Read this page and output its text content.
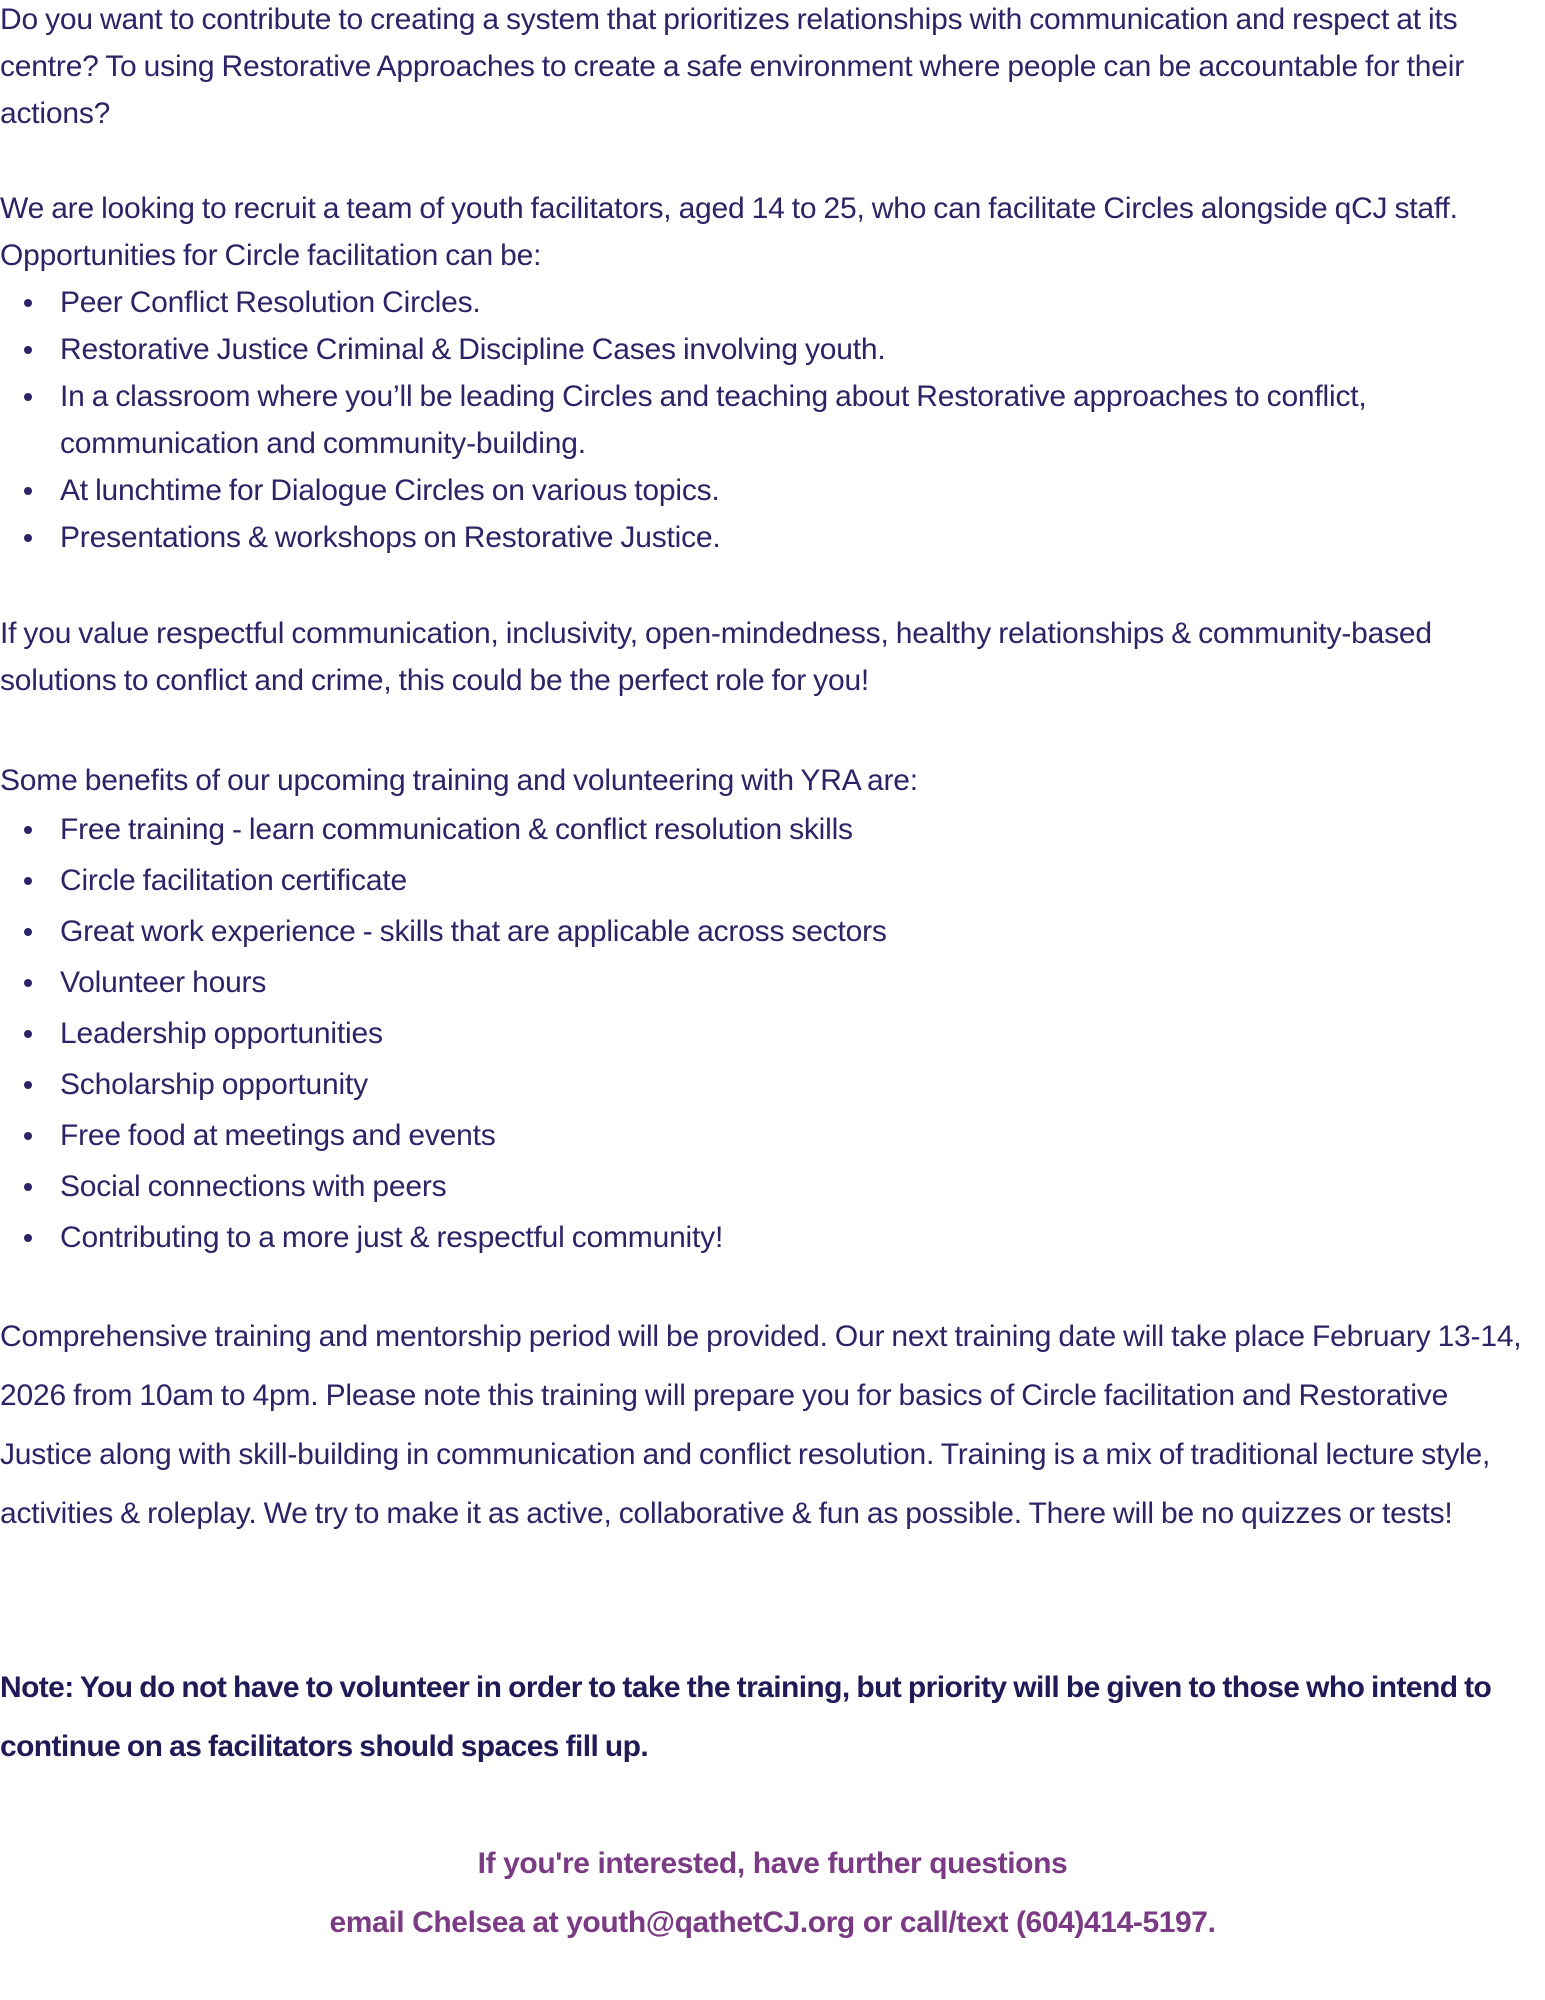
Do you want to contribute to creating a system that prioritizes relationships with communication and respect at its centre? To using Restorative Approaches to create a safe environment where people can be accountable for their actions?

We are looking to recruit a team of youth facilitators, aged 14 to 25, who can facilitate Circles alongside qCJ staff.
Opportunities for Circle facilitation can be:
Peer Conflict Resolution Circles.
Restorative Justice Criminal & Discipline Cases involving youth.
In a classroom where you’ll be leading Circles and teaching about Restorative approaches to conflict, communication and community-building.
At lunchtime for Dialogue Circles on various topics.
Presentations & workshops on Restorative Justice.

If you value respectful communication, inclusivity, open-mindedness, healthy relationships & community-based solutions to conflict and crime, this could be the perfect role for you!

Some benefits of our upcoming training and volunteering with YRA are:

Free training - learn communication & conflict resolution skills
Circle facilitation certificate
Great work experience - skills that are applicable across sectors
Volunteer hours
Leadership opportunities
Scholarship opportunity
Free food at meetings and events
Social connections with peers
Contributing to a more just & respectful community!

Comprehensive training and mentorship period will be provided. Our next training date will take place February 13-14, 2026 from 10am to 4pm. Please note this training will prepare you for basics of Circle facilitation and Restorative Justice along with skill-building in communication and conflict resolution. Training is a mix of traditional lecture style, activities & roleplay. We try to make it as active, collaborative & fun as possible. There will be no quizzes or tests!

Note: You do not have to volunteer in order to take the training, but priority will be given to those who intend to continue on as facilitators should spaces fill up.

If you're interested, have further questions
email Chelsea at youth@qathetCJ.org or call/text (604)414-5197.
